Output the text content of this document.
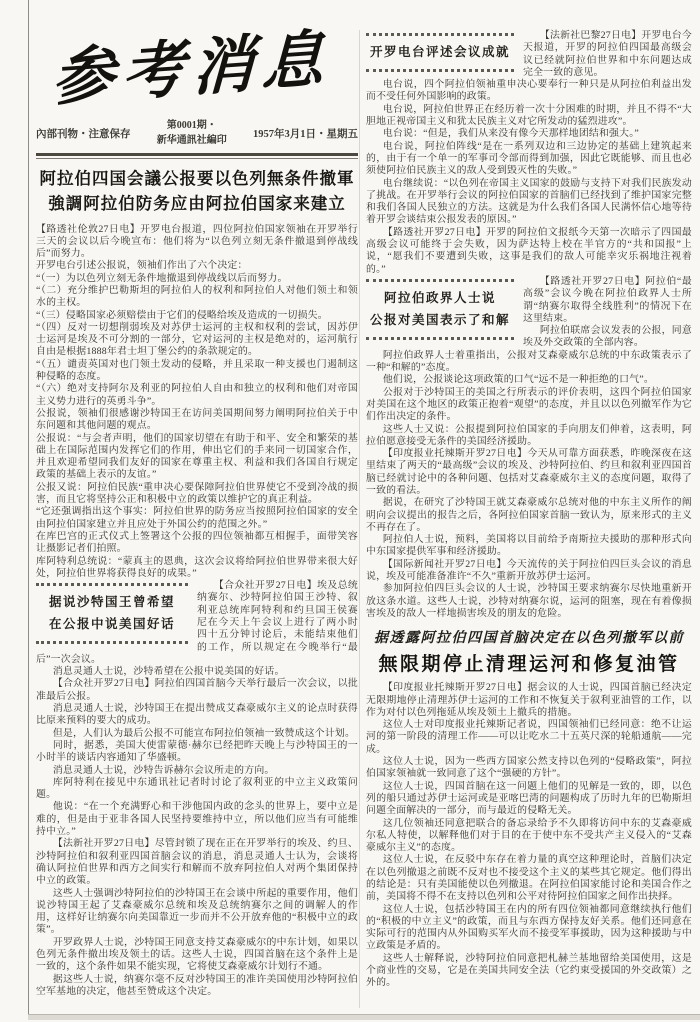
参考消息
內部刊物・注意保存
第0001期・
新华通訊社編印
1957年3月1日・星期五
阿拉伯四国会議公报要以色列無条件撤軍
強調阿拉伯防务应由阿拉伯国家来建立

【路透社伦敦27日电】开罗电台报道，四位阿拉伯国家领袖在开罗举行三天的会议以后今晚宣布：他们将为“以色列立刻无条件撤退到停战线后”而努力。

开罗电台引述公报说，领袖们作出了六个决定：

“（一）为以色列立刻无条件地撤退到停战线以后而努力。

“（二）充分维护巴勒斯坦的阿拉伯人的权利和阿拉伯人对他们领土和领水的主权。

“（三）侵略国家必须赔偿由于它们的侵略给埃及造成的一切损失。

“（四）反对一切想削弱埃及对苏伊士运河的主权和权利的尝试，因苏伊士运河是埃及不可分割的一部分，它对运河的主权是绝对的，运河航行自由是根据1888年君士坦丁堡公约的条款规定的。

“（五）谴责英国对也门领土发动的侵略，并且采取一种支援也门遏制这种侵略的态度。

“（六）绝对支持阿尔及利亚的阿拉伯人自由和独立的权利和他们对帝国主义势力进行的英勇斗争”。

公报说，领袖们很感谢沙特国王在访问美国期间努力阐明阿拉伯关于中东问题和其他问题的观点。

公报说：“与会者声明，他们的国家切望在有助于和平、安全和繁荣的基础上在国际范围内发挥它们的作用，伸出它们的手来同一切国家合作，并且欢迎希望同我们友好的国家在尊重主权、利益和我们各国自行规定政策的基础上表示的友谊。”

公报又说：阿拉伯民族“重申决心要保障阿拉伯世界使它不受到冷战的损害，而且它将坚持公正和积极中立的政策以维护它的真正利益。

“它还强调指出这个事实：阿拉伯世界的防务应当按照阿拉伯国家的安全由阿拉伯国家建立并且应处于外国公约的范围之外。”

在库巴宫的正式仪式上签署这个公报的四位领袖都互相握手，面带笑容让摄影记者们拍照。

库阿特利总统说：“蒙真主的恩典，这次会议将给阿拉伯世界带来很大好处，阿拉伯世界将获得良好的成果。”

据说沙特国王曾希望
在公报中说美国好话

【合众社开罗27日电】埃及总统纳赛尔、沙特阿拉伯国王沙特、叙利亚总统库阿特利和约旦国王侯赛尼在今天上午会议上进行了两小时四十五分钟讨论后，未能结束他们的工作，所以规定在今晚举行“最后”一次会议。

消息灵通人士说，沙特希望在公报中说美国的好话。

【合众社开罗27日电】阿拉伯四国首脑今天举行最后一次会议，以批准最后公报。

消息灵通人士说，沙特国王在提出赞成艾森豪威尔主义的论点时获得比原来预料的要大的成功。

但是，人们认为最后公报不可能宣布阿拉伯领袖一致赞成这个计划。

同时，据悉，美国大使雷蒙德·赫尔已经把昨天晚上与沙特国王的一小时半的谈话内容通知了华盛顿。

消息灵通人士说，沙特告诉赫尔会议所走的方向。

库阿特利在接见中东通讯社记者时讨论了叙利亚的中立主义政策问题。

他说：“在一个充满野心和干涉他国内政的念头的世界上，要中立是难的，但是由于亚非各国人民坚持要维持中立，所以他们应当有可能维持中立。”

【法新社开罗27日电】尽管封锁了现在正在开罗举行的埃及、约旦、沙特阿拉伯和叙利亚四国首脑会议的消息，消息灵通人士认为，会谈将确认阿拉伯世界和西方之间实行和解而不放弃阿拉伯人对两个集团保持中立的政策。

这些人士强调沙特阿拉伯的沙特国王在会谈中所起的重要作用，他们说沙特国王起了艾森豪威尔总统和埃及总统纳赛尔之间的调解人的作用，这样好让纳赛尔向美国靠近一步而并不公开放弃他的“积极中立的政策”。

开罗政界人士说，沙特国王同意支持艾森豪威尔的中东计划，如果以色列无条件撤出埃及领土的话。这些人士说，四国首脑在这个条件上是一致的，这个条件如果不能实现，它将使艾森豪威尔计划行不通。

据这些人士说，纳赛尔毫不反对沙特国王的准许美国使用沙特阿拉伯空军基地的决定，他甚至赞成这个决定。

开罗电台评述会议成就

【法新社巴黎27日电】开罗电台今天报道，开罗的阿拉伯四国最高级会议已经就阿拉伯世界和中东问题达成完全一致的意见。

电台说，四个阿拉伯领袖重申决心要奉行一种只是从阿拉伯利益出发而不受任何外国影响的政策。

电台说，阿拉伯世界正在经历着一次十分困难的时期，并且不得不“大胆地正视帝国主义和犹太民族主义对它所发动的猛烈进攻”。

电台说：“但是，我们从来没有像今天那样地团结和强大。”

电台说，阿拉伯阵线“是在一系列双边和三边协定的基础上建筑起来的，由于有一个单一的军事司令部而得到加强，因此它既能够、而且也必须使阿拉伯民族主义的敌人受到毁灭性的失败。”

电台继续说：“以色列在帝国主义国家的鼓励与支持下对我们民族发动了挑战。在开罗举行会议的阿拉伯国家的首脑们已经找到了维护国家完整和我们各国人民独立的方法。这就是为什么我们各国人民满怀信心地等待着开罗会谈结束公报发表的原因。”

【路透社开罗27日电】开罗的阿拉伯文报纸今天第一次暗示了四国最高级会议可能终于会失败，因为萨达特上校在半官方的“共和国报”上说，“愿我们不要遭到失败，这事是我们的敌人可能幸灾乐祸地注视着的。”

阿拉伯政界人士说
公报对美国表示了和解

【路透社开罗27日电】阿拉伯“最高级”会议今晚在阿拉伯政界人士所谓“纳赛尔取得全线胜利”的情况下在这里结束。

阿拉伯联席会议发表的公报，同意埃及外交政策的全部内容。

阿拉伯政界人士着重指出，公报对艾森豪威尔总统的中东政策表示了一种“和解的”态度。

他们说，公报谈论这项政策的口气“远不是一种拒绝的口气”。

公报对于沙特国王的美国之行所表示的评价表明，这四个阿拉伯国家对美国在这个地区的政策正抱着“观望”的态度，并且以以色列撤军作为它们作出决定的条件。

这些人士又说：公报提到阿拉伯国家的手向朋友们伸着，这表明，阿拉伯愿意接受无条件的美国经济援助。

【印度报业托辣斯开罗27日电】今天从可靠方面获悉，昨晚深夜在这里结束了两天的“最高级”会议的埃及、沙特阿拉伯、约旦和叙利亚四国首脑已经就讨论中的各种问题、包括对艾森豪威尔主义的态度问题，取得了一致的看法。

据说，在研究了沙特国王就艾森豪威尔总统对他的中东主义所作的阐明向会议提出的报告之后，各阿拉伯国家首脑一致认为，原来形式的主义不再存在了。

阿拉伯人士说，预料，美国将以目前给予南斯拉夫援助的那种形式向中东国家提供军事和经济援助。

【国际新闻社开罗27日电】今天流传的关于阿拉伯四巨头会议的消息说，埃及可能准备准许“不久”重新开放苏伊士运河。

参加阿拉伯四巨头会议的人士说，沙特国王要求纳赛尔尽快地重新开放这条水道。这些人士说，沙特对纳赛尔说，运河的阻塞，现在有着像损害埃及的敌人一样地损害埃及的朋友的危险。

据透露阿拉伯四国首脑决定在以色列撤军以前
無限期停止清理运河和修复油管

【印度报业托辣斯开罗27日电】据会议的人士说，四国首脑已经决定无限期地停止清理苏伊士运河的工作和不恢复关于叙利亚油管的工作，以作为对付以色列拖延从埃及领土上撤兵的措施。

这位人士对印度报业托辣斯记者说，四国领袖们已经同意：绝不让运河的第一阶段的清理工作——可以让吃水二十五英尺深的轮船通航——完成。

这位人士说，因为一些西方国家公然支持以色列的“侵略政策”，阿拉伯国家领袖就一致同意了这个“强硬的方针”。

这位人士说，四国首脑在这一问题上他们的见解是一致的，即，以色列的船只通过苏伊士运河或是亚喀巴湾的问题构成了历时九年的巴勒斯坦问题全面解决的一部分，而与最近的侵略无关。

这几位领袖还同意把联合的备忘录给予不久即将访问中东的艾森豪威尔私人特使，以解释他们对于目的在于使中东不受共产主义侵入的“艾森豪威尔主义”的态度。

这位人士说，在反驳中东存在着力量的真空这种理论时，首脑们决定在以色列撤退之前既不反对也不接受这个主义的某些其它规定。他们得出的结论是：只有美国能使以色列撤退。在阿拉伯国家能讨论和美国合作之前，美国将不得不在支持以色列和公平对待阿拉伯国家之间作出抉择。

这位人士说，包括沙特国王在内的所有四位领袖都同意继续执行他们的“积极的中立主义”的政策，而且与东西方保持友好关系。他们还同意在实际可行的范围内从外国购买军火而不接受军事援助，因为这种援助与中立政策是矛盾的。

这些人士解释说，沙特阿拉伯同意把札赫兰基地留给美国使用，这是个商业性的交易，它是在美国共同安全法（它约束受援国的外交政策）之外的。
